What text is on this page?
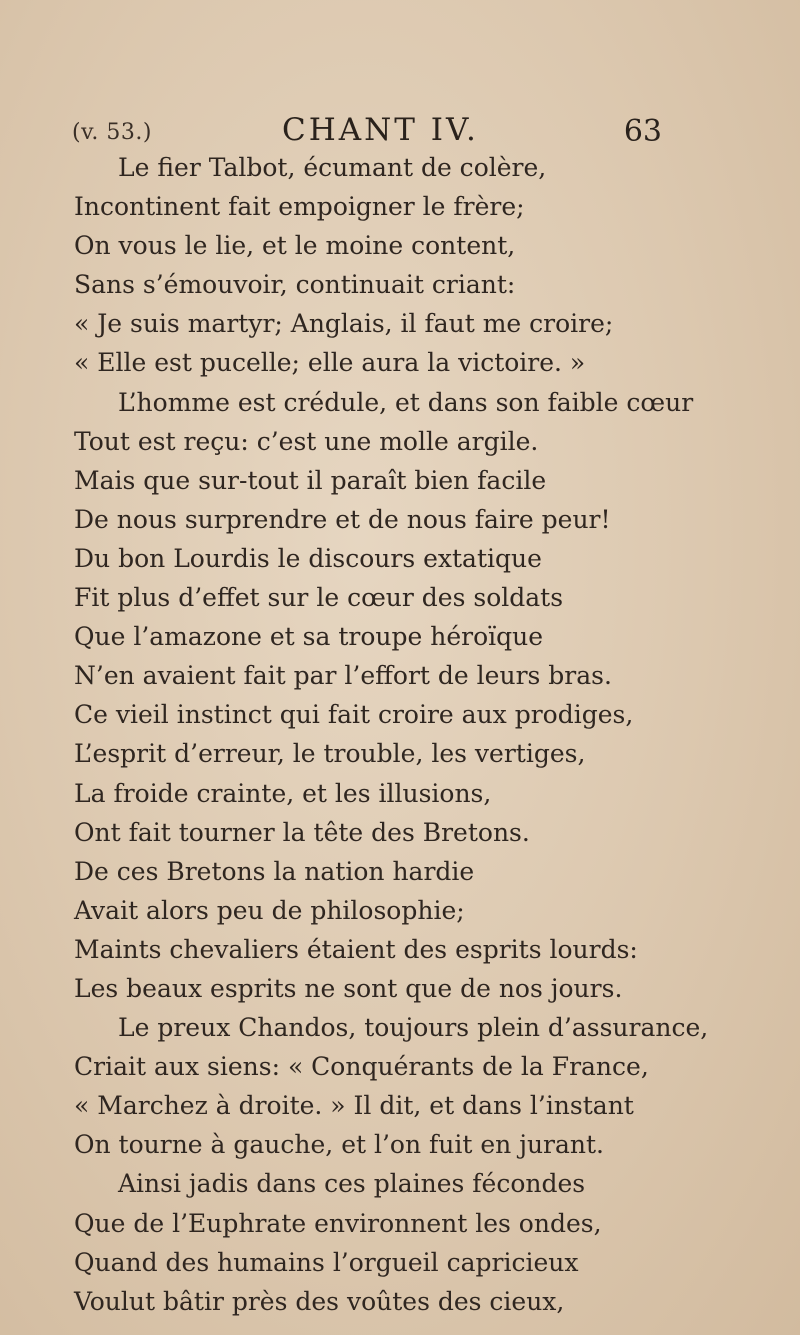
(v. 53.)	CHANT IV.	63
Le fier Talbot, écumant de colère,
Incontinent fait empoigner le frère;
On vous le lie, et le moine content,
Sans s’émouvoir, continuait criant:
« Je suis martyr; Anglais, il faut me croire;
« Elle est pucelle; elle aura la victoire. »
L’homme est crédule, et dans son faible cœur
Tout est reçu: c’est une molle argile.
Mais que sur-tout il paraît bien facile
De nous surprendre et de nous faire peur!
Du bon Lourdis le discours extatique
Fit plus d’effet sur le cœur des soldats
Que l’amazone et sa troupe héroïque
N’en avaient fait par l’effort de leurs bras.
Ce vieil instinct qui fait croire aux prodiges,
L’esprit d’erreur, le trouble, les vertiges,
La froide crainte, et les illusions,
Ont fait tourner la tête des Bretons.
De ces Bretons la nation hardie
Avait alors peu de philosophie;
Maints chevaliers étaient des esprits lourds:
Les beaux esprits ne sont que de nos jours.
Le preux Chandos, toujours plein d’assurance,
Criait aux siens: « Conquérants de la France,
« Marchez à droite. » Il dit, et dans l’instant
On tourne à gauche, et l’on fuit en jurant.
Ainsi jadis dans ces plaines fécondes
Que de l’Euphrate environnent les ondes,
Quand des humains l’orgueil capricieux
Voulut bâtir près des voûtes des cieux,
